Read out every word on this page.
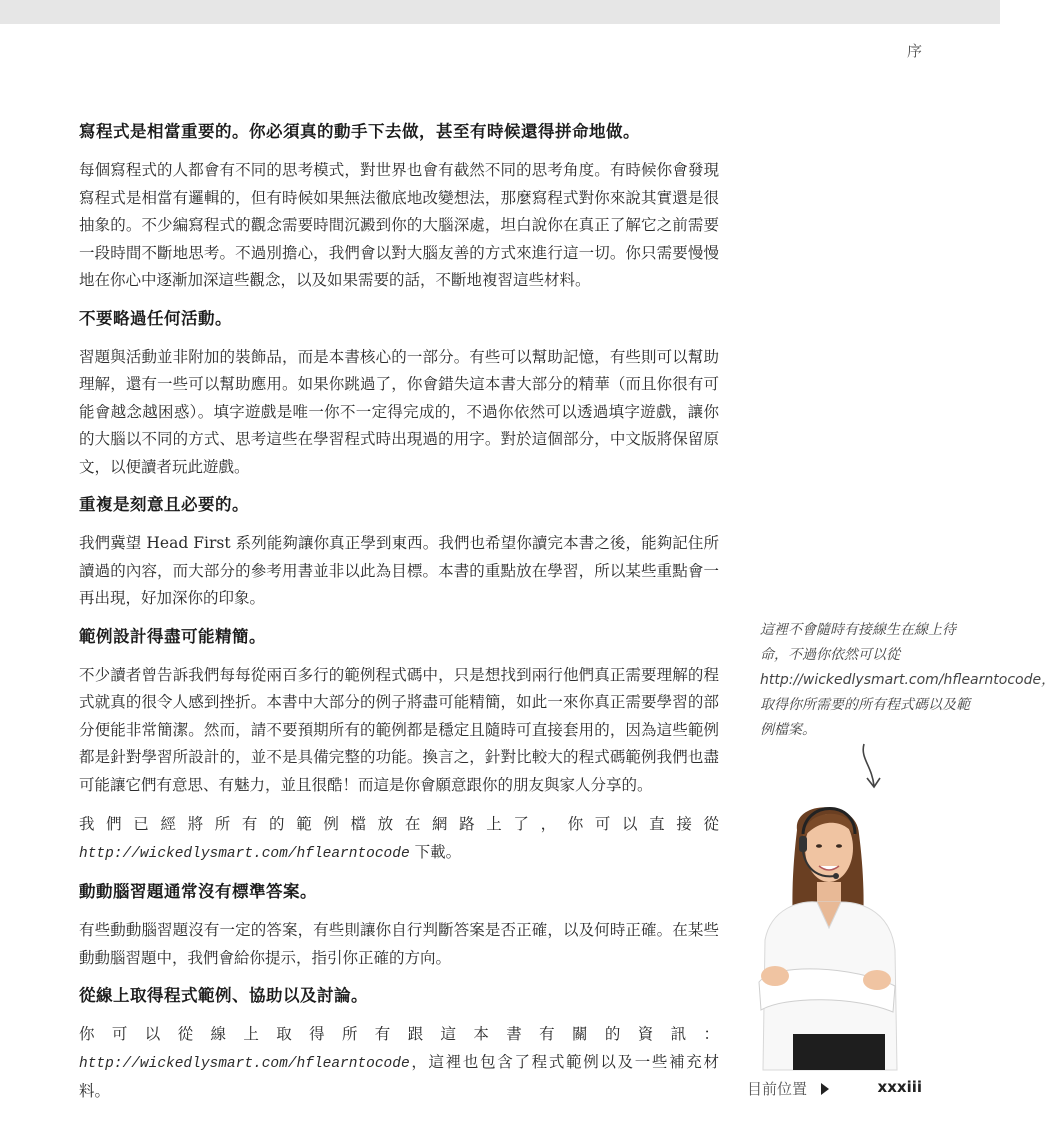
序
寫程式是相當重要的。你必須真的動手下去做，甚至有時候還得拼命地做。

每個寫程式的人都會有不同的思考模式，對世界也會有截然不同的思考角度。有時候你會發現寫程式是相當有邏輯的，但有時候如果無法徹底地改變想法，那麼寫程式對你來說其實還是很抽象的。不少編寫程式的觀念需要時間沉澱到你的大腦深處，坦白說你在真正了解它之前需要一段時間不斷地思考。不過別擔心，我們會以對大腦友善的方式來進行這一切。你只需要慢慢地在你心中逐漸加深這些觀念，以及如果需要的話，不斷地複習這些材料。

不要略過任何活動。

習題與活動並非附加的裝飾品，而是本書核心的一部分。有些可以幫助記憶，有些則可以幫助理解，還有一些可以幫助應用。如果你跳過了，你會錯失這本書大部分的精華（而且你很有可能會越念越困惑）。填字遊戲是唯一你不一定得完成的，不過你依然可以透過填字遊戲，讓你的大腦以不同的方式、思考這些在學習程式時出現過的用字。對於這個部分，中文版將保留原文，以便讀者玩此遊戲。

重複是刻意且必要的。

我們冀望 Head First 系列能夠讓你真正學到東西。我們也希望你讀完本書之後，能夠記住所讀過的內容，而大部分的參考用書並非以此為目標。本書的重點放在學習，所以某些重點會一再出現，好加深你的印象。

範例設計得盡可能精簡。

不少讀者曾告訴我們每每從兩百多行的範例程式碼中，只是想找到兩行他們真正需要理解的程式就真的很令人感到挫折。本書中大部分的例子將盡可能精簡，如此一來你真正需要學習的部分便能非常簡潔。然而，請不要預期所有的範例都是穩定且隨時可直接套用的，因為這些範例都是針對學習所設計的，並不是具備完整的功能。換言之，針對比較大的程式碼範例我們也盡可能讓它們有意思、有魅力，並且很酷！而這是你會願意跟你的朋友與家人分享的。

我們已經將所有的範例檔放在網路上了，你可以直接從 http://wickedlysmart.com/hflearntocode 下載。

動動腦習題通常沒有標準答案。

有些動動腦習題沒有一定的答案，有些則讓你自行判斷答案是否正確，以及何時正確。在某些動動腦習題中，我們會給你提示，指引你正確的方向。

從線上取得程式範例、協助以及討論。

你可以從線上取得所有跟這本書有關的資訊：http://wickedlysmart.com/hflearntocode，這裡也包含了程式範例以及一些補充材料。

這裡不會隨時有接線生在線上待命，不過你依然可以從 http://wickedlysmart.com/hflearntocode，取得你所需要的所有程式碼以及範例檔案。
目前位置	xxxiii
